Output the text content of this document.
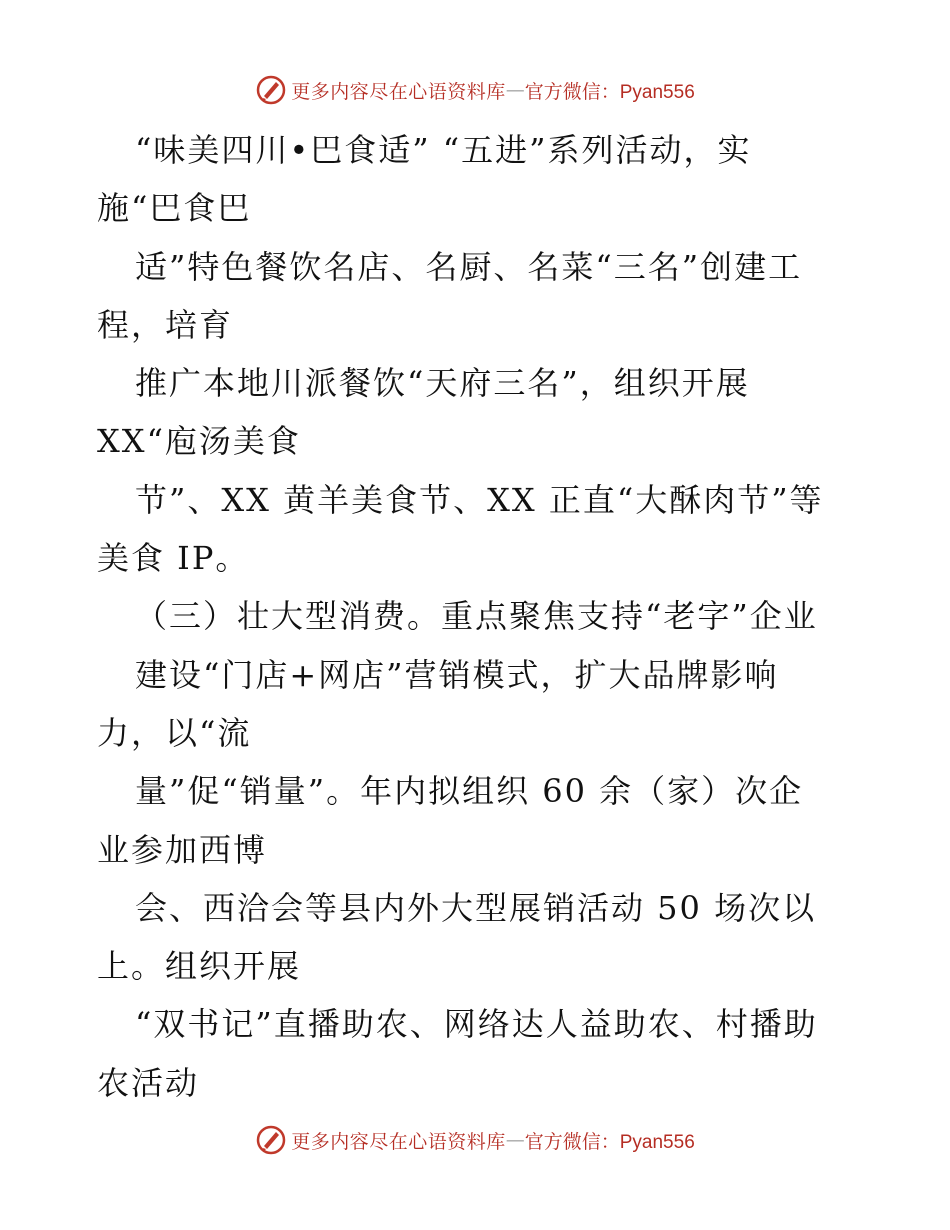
更多内容尽在心语资料库 — 官方微信：Pyan556
“味美四川•巴食适” “五进”系列活动，实
施“巴食巴
适”特色餐饮名店、名厨、名菜“三名”创建工
程，培育
推广本地川派餐饮“天府三名”，组织开展
XX“庖汤美食
节”、XX 黄羊美食节、XX 正直“大酥肉节”等
美食 IP。
（三）壮大型消费。重点聚焦支持“老字”企业
建设“门店+网店”营销模式，扩大品牌影响
力，以“流
量”促“销量”。年内拟组织 60 余（家）次企
业参加西博
会、西洽会等县内外大型展销活动 50 场次以
上。组织开展
“双书记”直播助农、网络达人益助农、村播助
农活动
更多内容尽在心语资料库 — 官方微信：Pyan556
